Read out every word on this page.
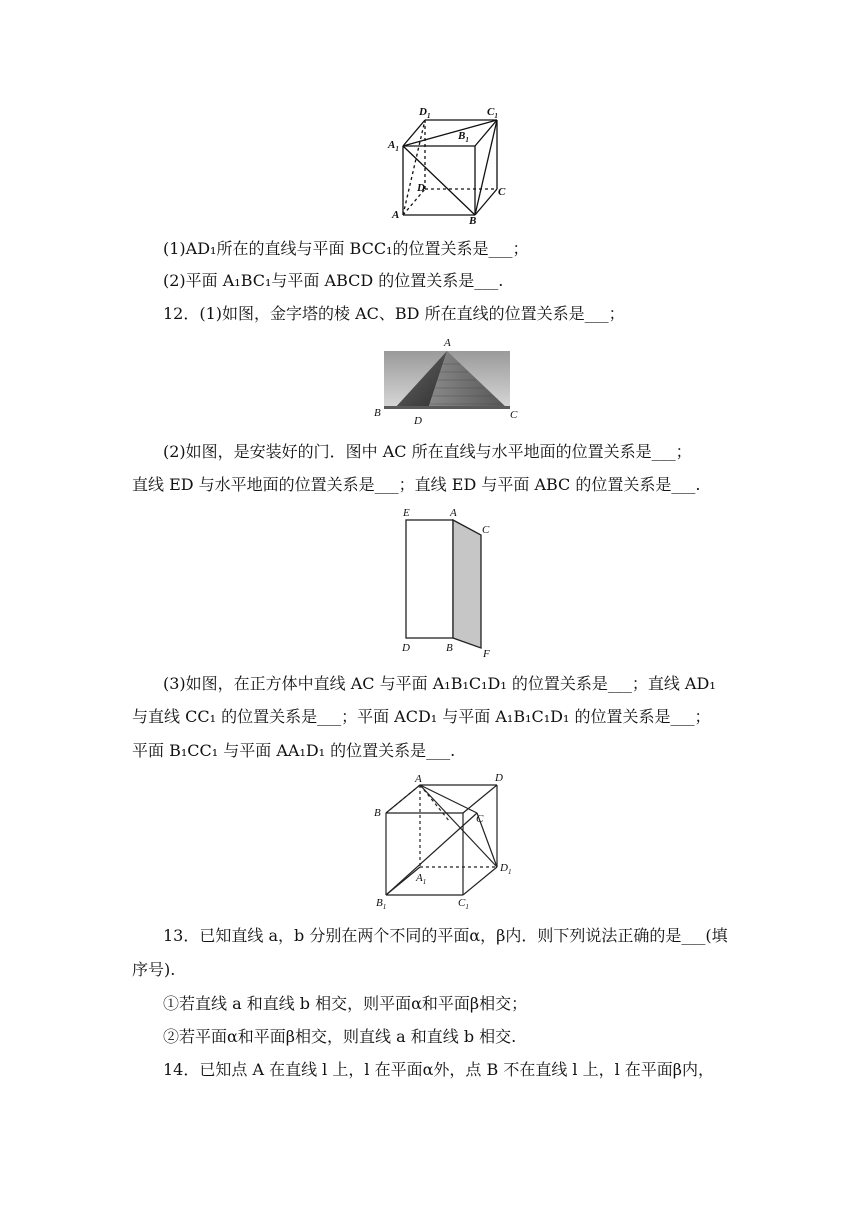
$D_1$	$C_1$
$A_1$
$B_1$
D	C
A	B
(1)AD₁所在的直线与平面 BCC₁的位置关系是___；
(2)平面 A₁BC₁与平面 ABCD 的位置关系是___.
12．(1)如图，金字塔的棱 AC、BD 所在直线的位置关系是___；
A
B
D	C
(2)如图，是安装好的门．图中 AC 所在直线与水平地面的位置关系是___；
直线 ED 与水平地面的位置关系是___；直线 ED 与平面 ABC 的位置关系是___.
E	A
C
D	B	F
(3)如图，在正方体中直线 AC 与平面 A₁B₁C₁D₁ 的位置关系是___；直线 AD₁
与直线 CC₁ 的位置关系是___；平面 ACD₁ 与平面 A₁B₁C₁D₁ 的位置关系是___；
平面 B₁CC₁ 与平面 AA₁D₁ 的位置关系是___.
A	D
B	C
$A_1$
$D_1$
$B_1$	$C_1$
13．已知直线 a，b 分别在两个不同的平面α，β内．则下列说法正确的是___(填
序号).
①若直线 a 和直线 b 相交，则平面α和平面β相交；
②若平面α和平面β相交，则直线 a 和直线 b 相交.
14．已知点 A 在直线 l 上，l 在平面α外，点 B 不在直线 l 上，l 在平面β内，
